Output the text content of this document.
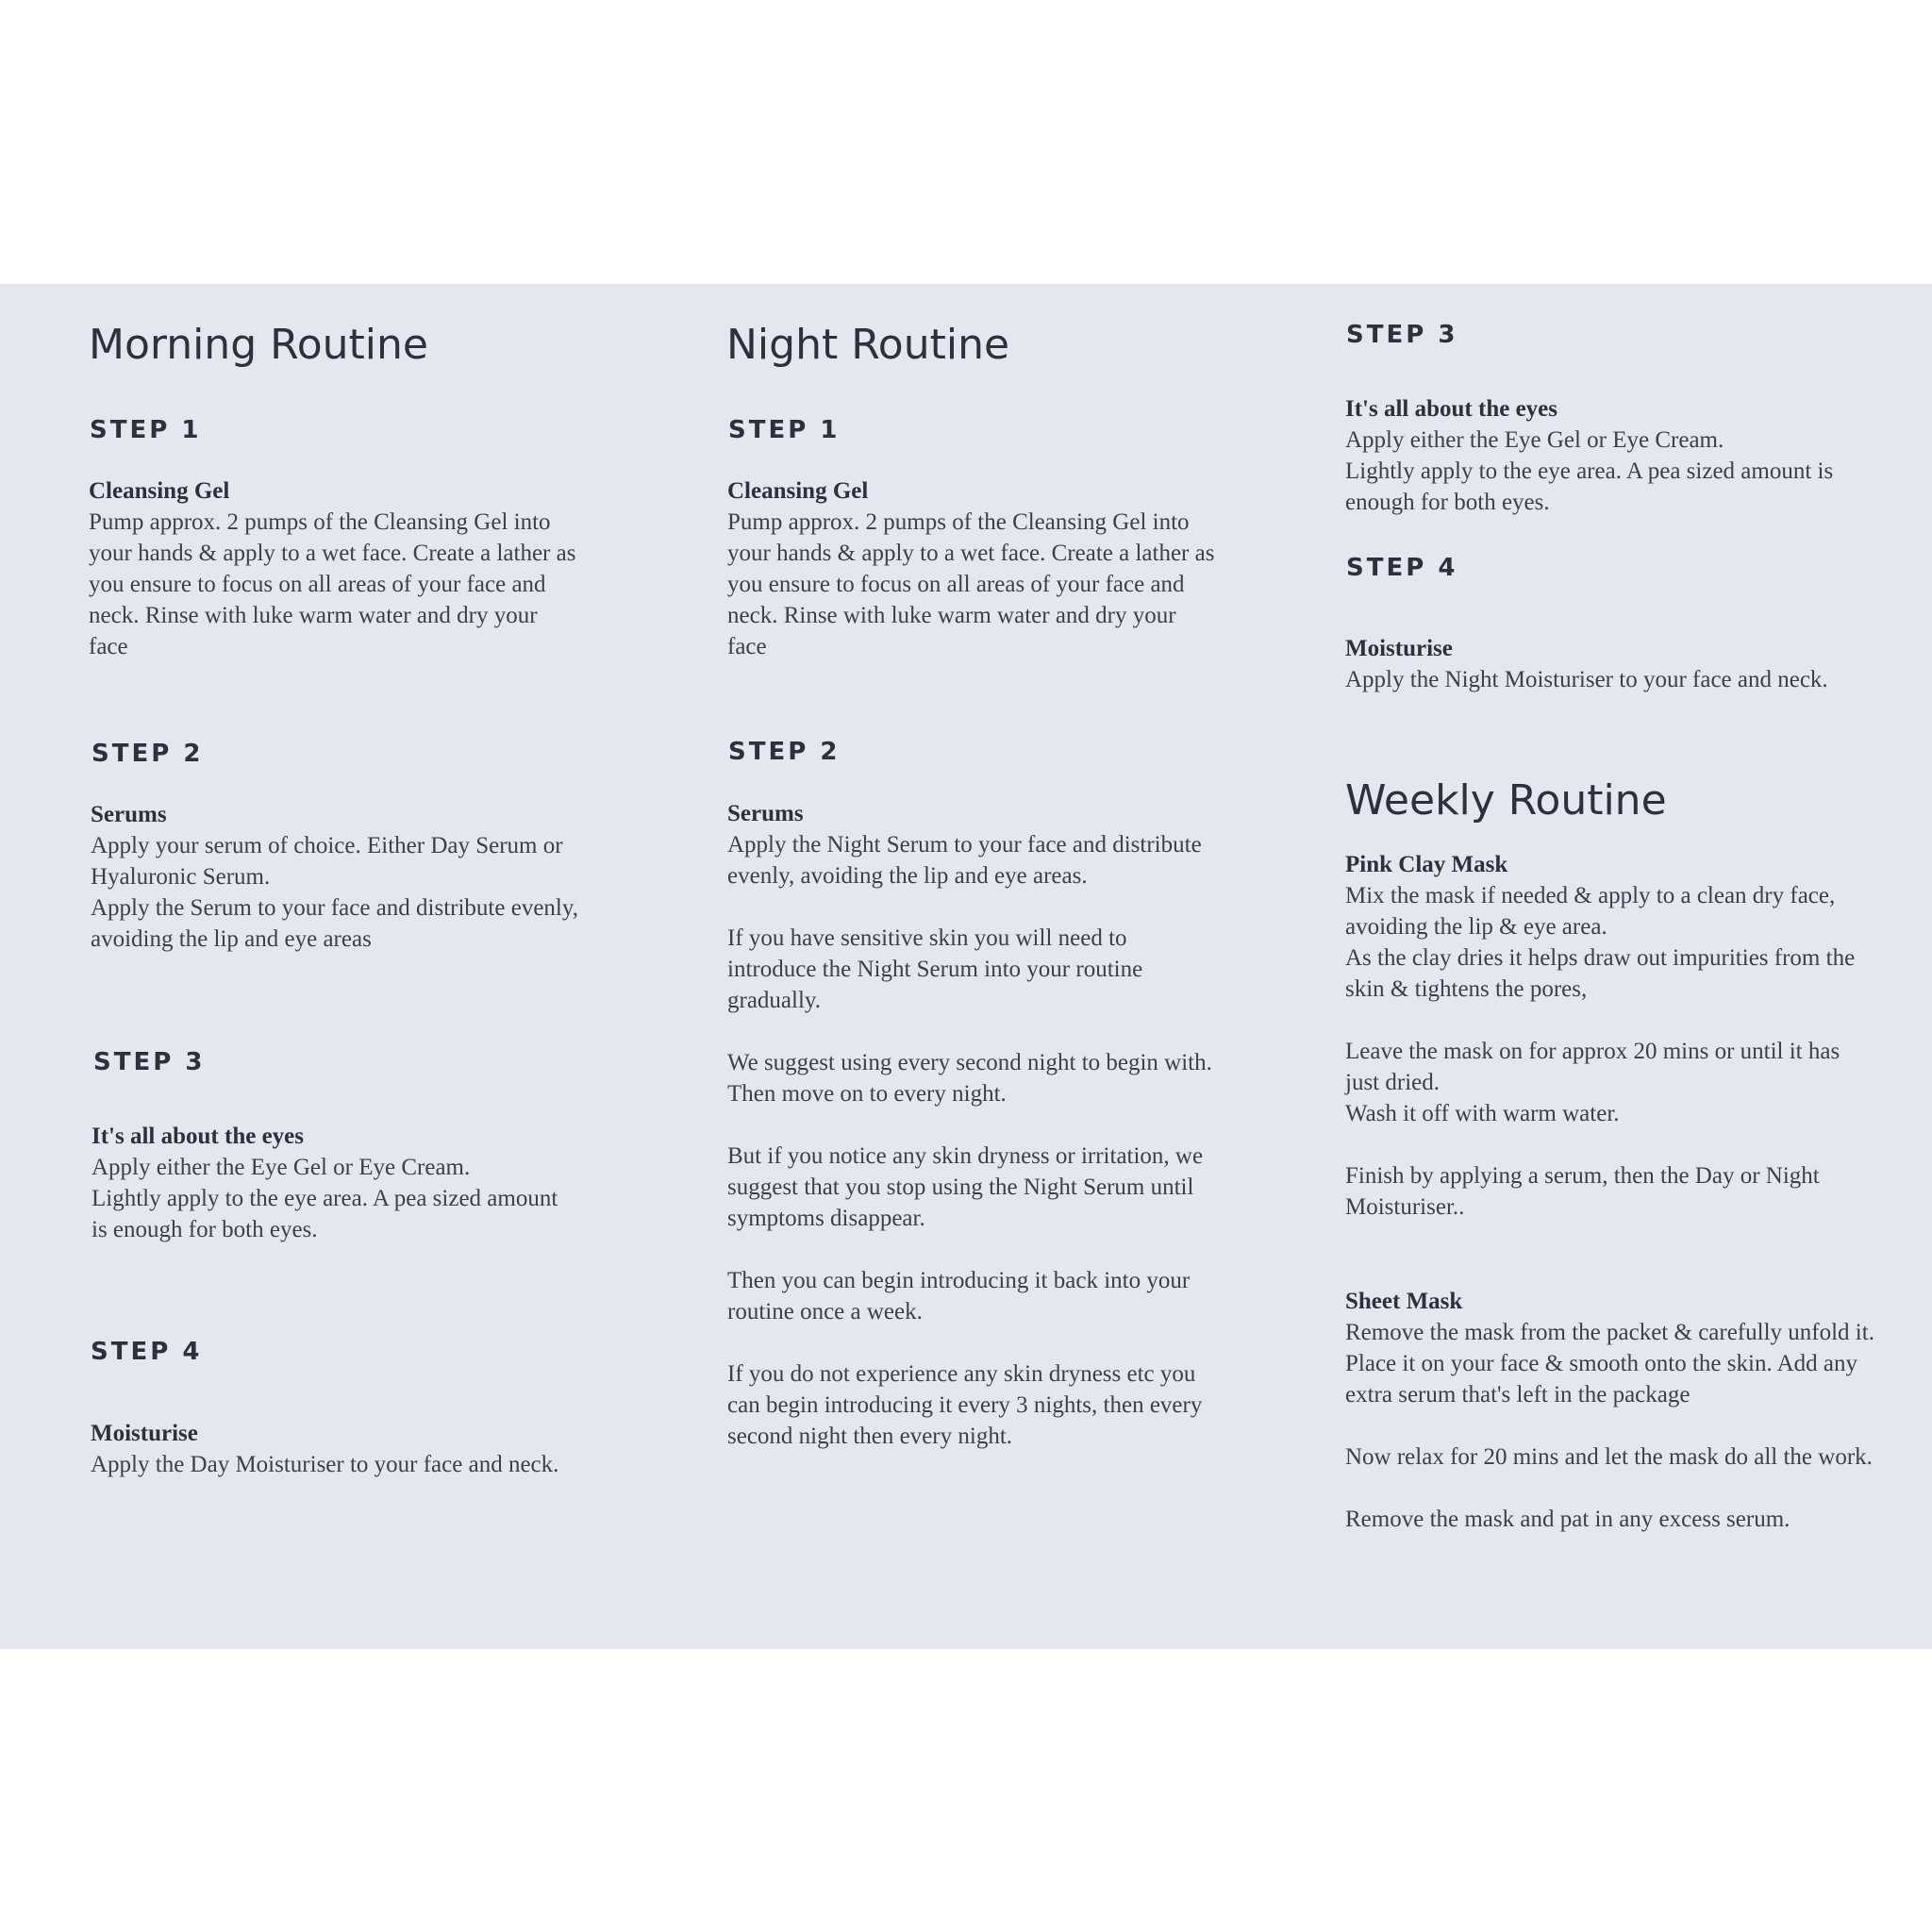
Morning Routine
STEP 1
Cleansing Gel

Pump approx. 2 pumps of the Cleansing Gel into your hands & apply to a wet face. Create a lather as you ensure to focus on all areas of your face and neck. Rinse with luke warm water and dry your face

STEP 2
Serums

Apply your serum of choice. Either Day Serum or Hyaluronic Serum.

Apply the Serum to your face and distribute evenly, avoiding the lip and eye areas

STEP 3
It's all about the eyes

Apply either the Eye Gel or Eye Cream.

Lightly apply to the eye area. A pea sized amount is enough for both eyes.

STEP 4
Moisturise

Apply the Day Moisturiser to your face and neck.

Night Routine
STEP 1
Cleansing Gel

Pump approx. 2 pumps of the Cleansing Gel into your hands & apply to a wet face. Create a lather as you ensure to focus on all areas of your face and neck. Rinse with luke warm water and dry your face

STEP 2
Serums

Apply the Night Serum to your face and distribute evenly, avoiding the lip and eye areas.

If you have sensitive skin you will need to introduce the Night Serum into your routine gradually.

We suggest using every second night to begin with. Then move on to every night.

But if you notice any skin dryness or irritation, we suggest that you stop using the Night Serum until symptoms disappear.

Then you can begin introducing it back into your routine once a week.

If you do not experience any skin dryness etc you can begin introducing it every 3 nights, then every second night then every night.

STEP 3
It's all about the eyes

Apply either the Eye Gel or Eye Cream.

Lightly apply to the eye area. A pea sized amount is enough for both eyes.

STEP 4
Moisturise

Apply the Night Moisturiser to your face and neck.

Weekly Routine
Pink Clay Mask

Mix the mask if needed & apply to a clean dry face, avoiding the lip & eye area.

As the clay dries it helps draw out impurities from the skin & tightens the pores,

Leave the mask on for approx 20 mins or until it has just dried.

Wash it off with warm water.

Finish by applying a serum, then the Day or Night Moisturiser..

Sheet Mask

Remove the mask from the packet & carefully unfold it. Place it on your face & smooth onto the skin. Add any extra serum that's left in the package

Now relax for 20 mins and let the mask do all the work.

Remove the mask and pat in any excess serum.
